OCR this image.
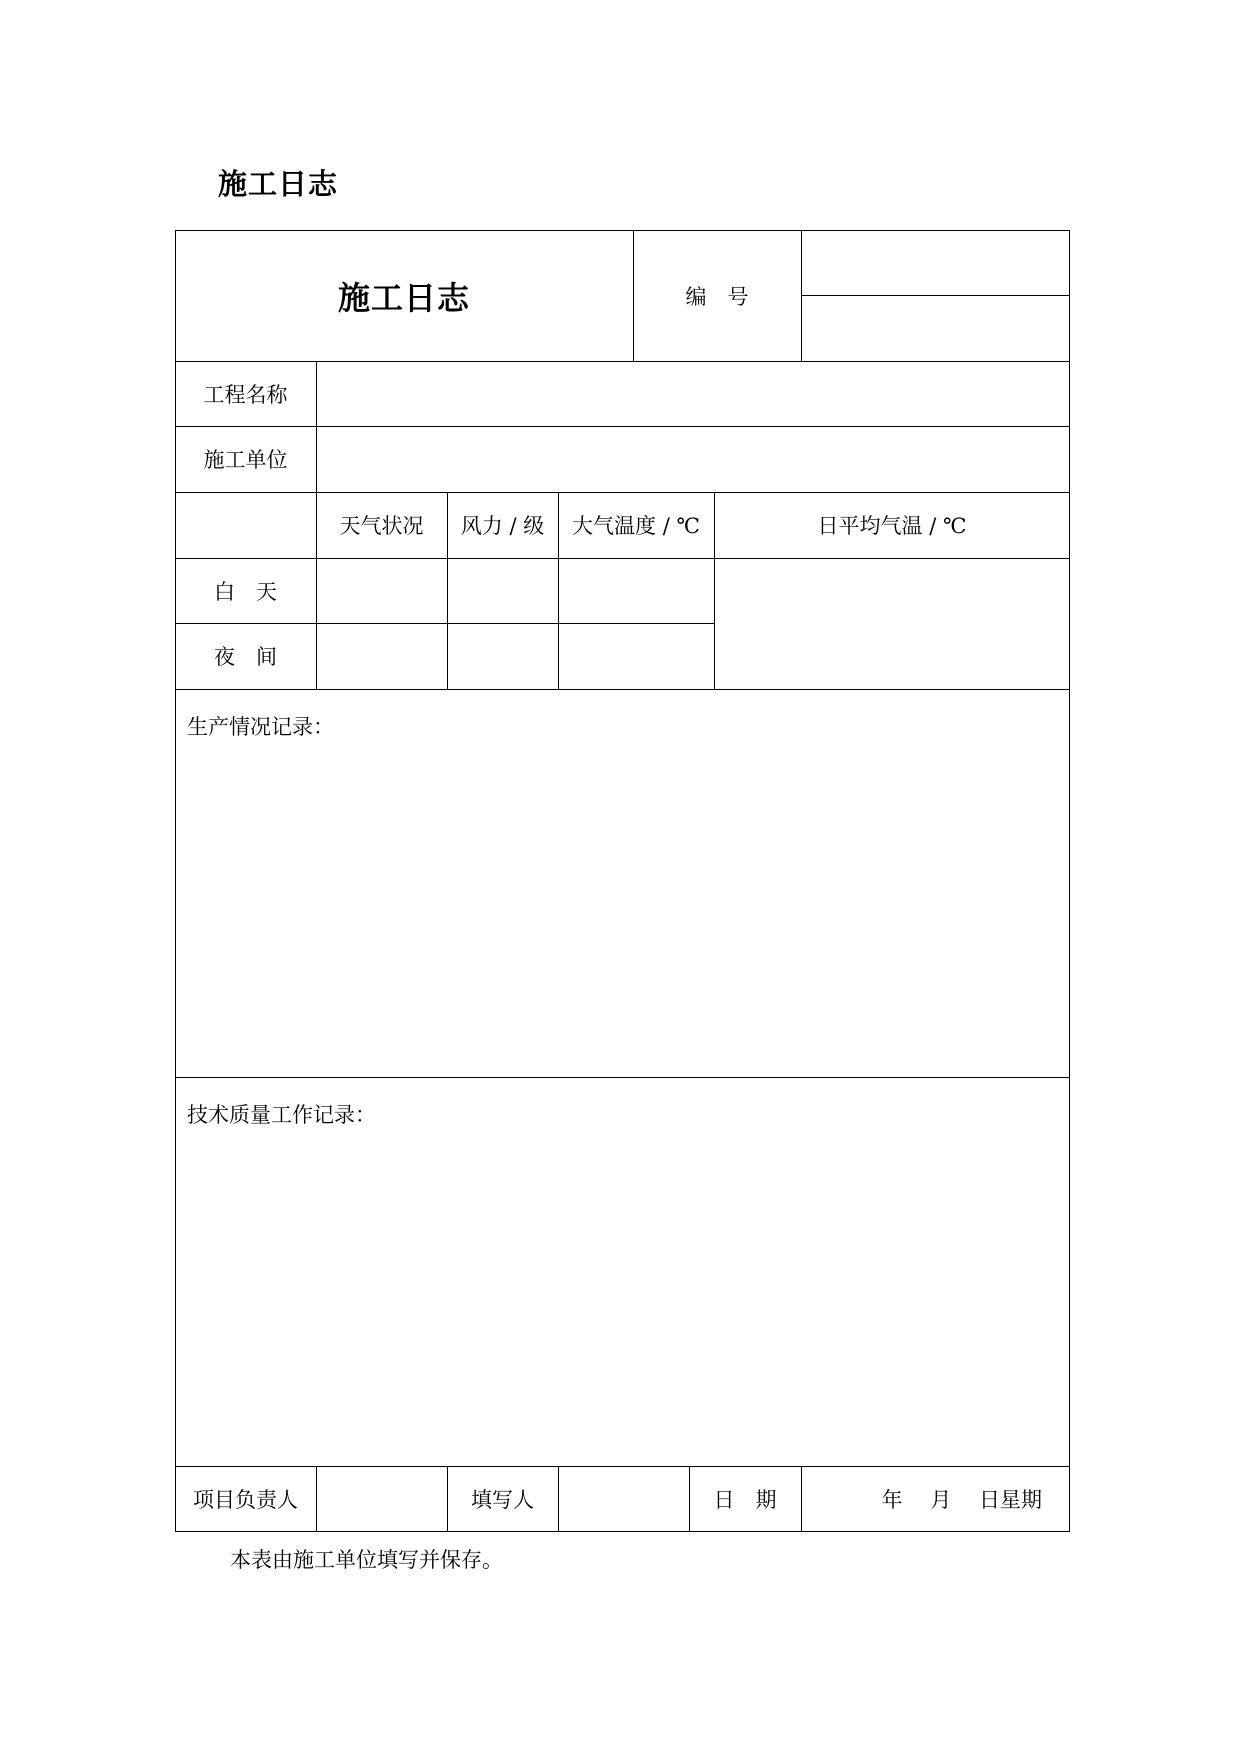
施工日志
施工日志	编　号
工程名称
施工单位
天气状况	风力 / 级	大气温度 / ℃	日平均气温 / ℃
白　天
夜　间
生产情况记录：
技术质量工作记录：
项目负责人	填写人	日　期	年　 月　 日星期
本表由施工单位填写并保存。
